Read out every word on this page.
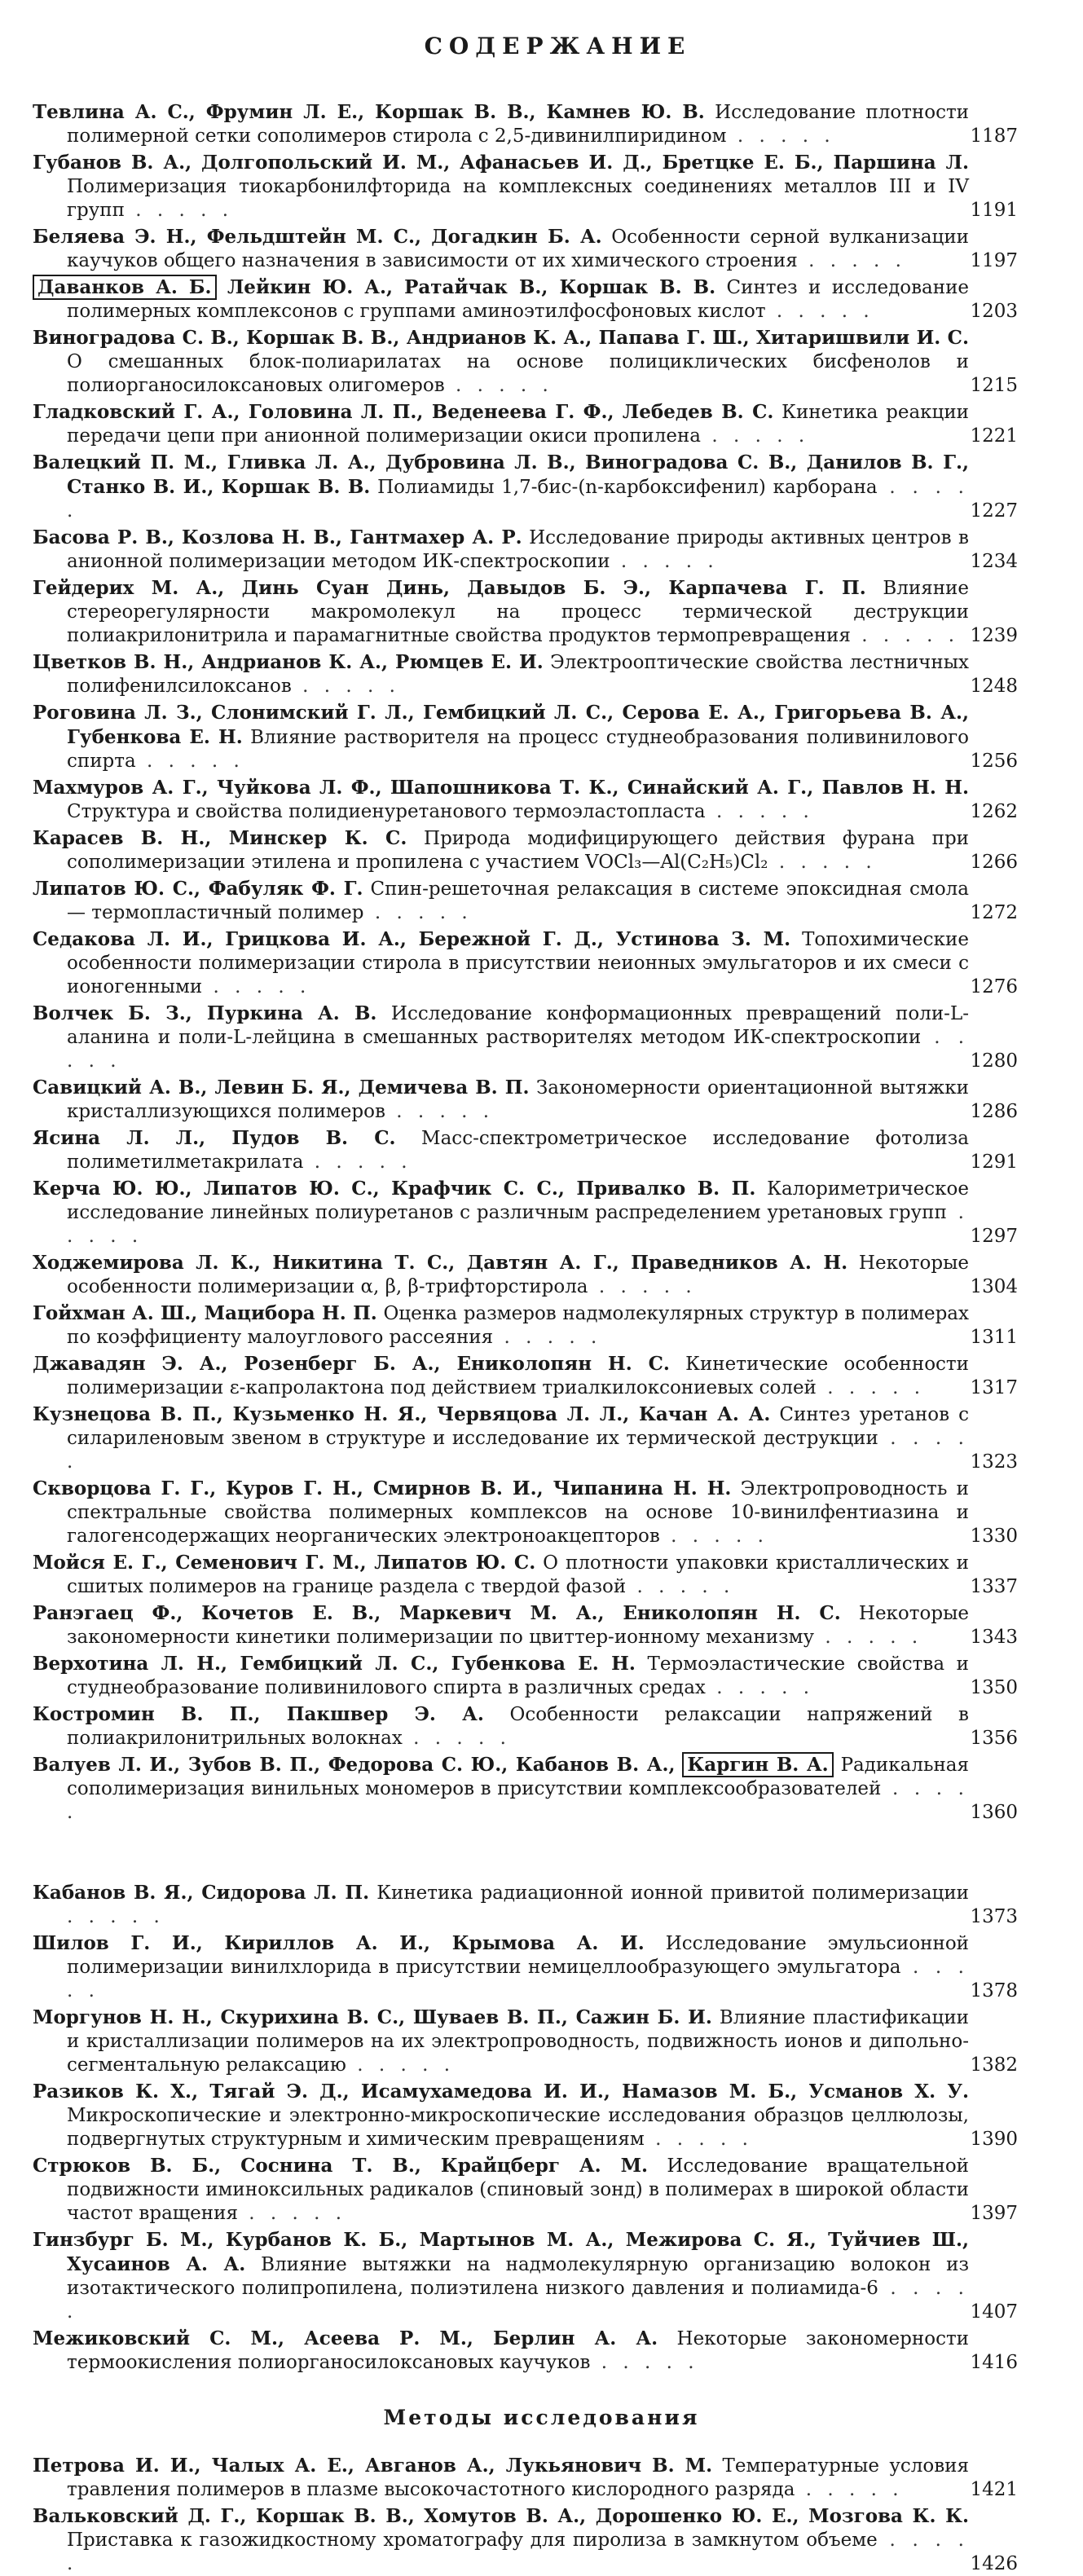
СОДЕРЖАНИЕ
Тевлина А. С., Фрумин Л. Е., Коршак В. В., Камнев Ю. В. Исследование плотности полимерной сетки сополимеров стирола с 2,5-дивинилпиридином . . . . .	1187
Губанов В. А., Долгопольский И. М., Афанасьев И. Д., Бретцке Е. Б., Паршина Л. Полимеризация тиокарбонилфторида на комплексных соединениях металлов III и IV групп . . . . .	1191
Беляева Э. Н., Фельдштейн М. С., Догадкин Б. А. Особенности серной вулканизации каучуков общего назначения в зависимости от их химического строения . . . . .	1197
Даванков А. Б. Лейкин Ю. А., Ратайчак В., Коршак В. В. Синтез и исследование полимерных комплексонов с группами аминоэтилфосфоновых кислот . . . . .	1203
Виноградова С. В., Коршак В. В., Андрианов К. А., Папава Г. Ш., Хитаришвили И. С. О смешанных блок-полиарилатах на основе полициклических бисфенолов и полиорганосилоксановых олигомеров . . . . .	1215
Гладковский Г. А., Головина Л. П., Веденеева Г. Ф., Лебедев В. С. Кинетика реакции передачи цепи при анионной полимеризации окиси пропилена . . . . .	1221
Валецкий П. М., Гливка Л. А., Дубровина Л. В., Виноградова С. В., Данилов В. Г., Станко В. И., Коршак В. В. Полиамиды 1,7-бис-(n-карбоксифенил) карборана . . . . .	1227
Басова Р. В., Козлова Н. В., Гантмахер А. Р. Исследование природы активных центров в анионной полимеризации методом ИК-спектроскопии . . . . .	1234
Гейдерих М. А., Динь Суан Динь, Давыдов Б. Э., Карпачева Г. П. Влияние стереорегулярности макромолекул на процесс термической деструкции полиакрилонитрила и парамагнитные свойства продуктов термопревращения . . . . . 1239
Цветков В. Н., Андрианов К. А., Рюмцев Е. И. Электрооптические свойства лестничных полифенилсилоксанов . . . . .	1248
Роговина Л. З., Слонимский Г. Л., Гембицкий Л. С., Серова Е. А., Григорьева В. А., Губенкова Е. Н. Влияние растворителя на процесс студнеобразования поливинилового спирта . . . . .	1256
Махмуров А. Г., Чуйкова Л. Ф., Шапошникова Т. К., Синайский А. Г., Павлов Н. Н. Структура и свойства полидиенуретанового термоэластопласта . . . . .	1262
Карасев В. Н., Минскер К. С. Природа модифицирующего действия фурана при сополимеризации этилена и пропилена с участием VOCl₃—Al(C₂H₅)Cl₂ . . . . .	1266
Липатов Ю. С., Фабуляк Ф. Г. Спин-решеточная релаксация в системе эпоксидная смола — термопластичный полимер . . . . .	1272
Седакова Л. И., Грицкова И. А., Бережной Г. Д., Устинова З. М. Топохимические особенности полимеризации стирола в присутствии неионных эмульгаторов и их смеси с ионогенными . . . . .	1276
Волчек Б. З., Пуркина А. В. Исследование конформационных превращений поли-L-аланина и поли-L-лейцина в смешанных растворителях методом ИК-спектроскопии . . . . .	1280
Савицкий А. В., Левин Б. Я., Демичева В. П. Закономерности ориентационной вытяжки кристаллизующихся полимеров . . . . .	1286
Ясина Л. Л., Пудов В. С. Масс-спектрометрическое исследование фотолиза полиметилметакрилата . . . . .	1291
Керча Ю. Ю., Липатов Ю. С., Крафчик С. С., Привалко В. П. Калориметрическое исследование линейных полиуретанов с различным распределением уретановых групп . . . . .	1297
Ходжемирова Л. К., Никитина Т. С., Давтян А. Г., Праведников А. Н. Некоторые особенности полимеризации α, β, β-трифторстирола . . . . .	1304
Гойхман А. Ш., Мацибора Н. П. Оценка размеров надмолекулярных структур в полимерах по коэффициенту малоуглового рассеяния . . . . .	1311
Джавадян Э. А., Розенберг Б. А., Ениколопян Н. С. Кинетические особенности полимеризации ε-капролактона под действием триалкилоксониевых солей . . . . .	1317
Кузнецова В. П., Кузьменко Н. Я., Червяцова Л. Л., Качан А. А. Синтез уретанов с силариленовым звеном в структуре и исследование их термической деструкции . . . . .	1323
Скворцова Г. Г., Куров Г. Н., Смирнов В. И., Чипанина Н. Н. Электропроводность и спектральные свойства полимерных комплексов на основе 10-винилфентиазина и галогенсодержащих неорганических электроноакцепторов . . . . .	1330
Мойся Е. Г., Семенович Г. М., Липатов Ю. С. О плотности упаковки кристаллических и сшитых полимеров на границе раздела с твердой фазой . . . . .	1337
Ранэгаец Ф., Кочетов Е. В., Маркевич М. А., Ениколопян Н. С. Некоторые закономерности кинетики полимеризации по цвиттер-ионному механизму . . . . .	1343
Верхотина Л. Н., Гембицкий Л. С., Губенкова Е. Н. Термоэластические свойства и студнеобразование поливинилового спирта в различных средах . . . . .	1350
Костромин В. П., Пакшвер Э. А. Особенности релаксации напряжений в полиакрилонитрильных волокнах . . . . .	1356
Валуев Л. И., Зубов В. П., Федорова С. Ю., Кабанов В. А., Каргин В. А. Радикальная сополимеризация винильных мономеров в присутствии комплексообразователей . . . . .	1360
Кабанов В. Я., Сидорова Л. П. Кинетика радиационной ионной привитой полимеризации . . . . .	1373
Шилов Г. И., Кириллов А. И., Крымова А. И. Исследование эмульсионной полимеризации винилхлорида в присутствии немицеллообразующего эмульгатора . . . . .	1378
Моргунов Н. Н., Скурихина В. С., Шуваев В. П., Сажин Б. И. Влияние пластификации и кристаллизации полимеров на их электропроводность, подвижность ионов и дипольно-сегментальную релаксацию . . . . .	1382
Разиков К. Х., Тягай Э. Д., Исамухамедова И. И., Намазов М. Б., Усманов Х. У. Микроскопические и электронно-микроскопические исследования образцов целлюлозы, подвергнутых структурным и химическим превращениям . . . . .	1390
Стрюков В. Б., Соснина Т. В., Крайцберг А. М. Исследование вращательной подвижности иминоксильных радикалов (спиновый зонд) в полимерах в широкой области частот вращения . . . . .	1397
Гинзбург Б. М., Курбанов К. Б., Мартынов М. А., Межирова С. Я., Туйчиев Ш., Хусаинов А. А. Влияние вытяжки на надмолекулярную организацию волокон из изотактического полипропилена, полиэтилена низкого давления и полиамида-6 . . . . .	1407
Межиковский С. М., Асеева Р. М., Берлин А. А. Некоторые закономерности термоокисления полиорганосилоксановых каучуков . . . . .	1416
Методы исследования
Петрова И. И., Чалых А. Е., Авганов А., Лукьянович В. М. Температурные условия травления полимеров в плазме высокочастотного кислородного разряда . . . . .	1421
Вальковский Д. Г., Коршак В. В., Хомутов В. А., Дорошенко Ю. Е., Мозгова К. К. Приставка к газожидкостному хроматографу для пиролиза в замкнутом объеме . . . . .	1426
